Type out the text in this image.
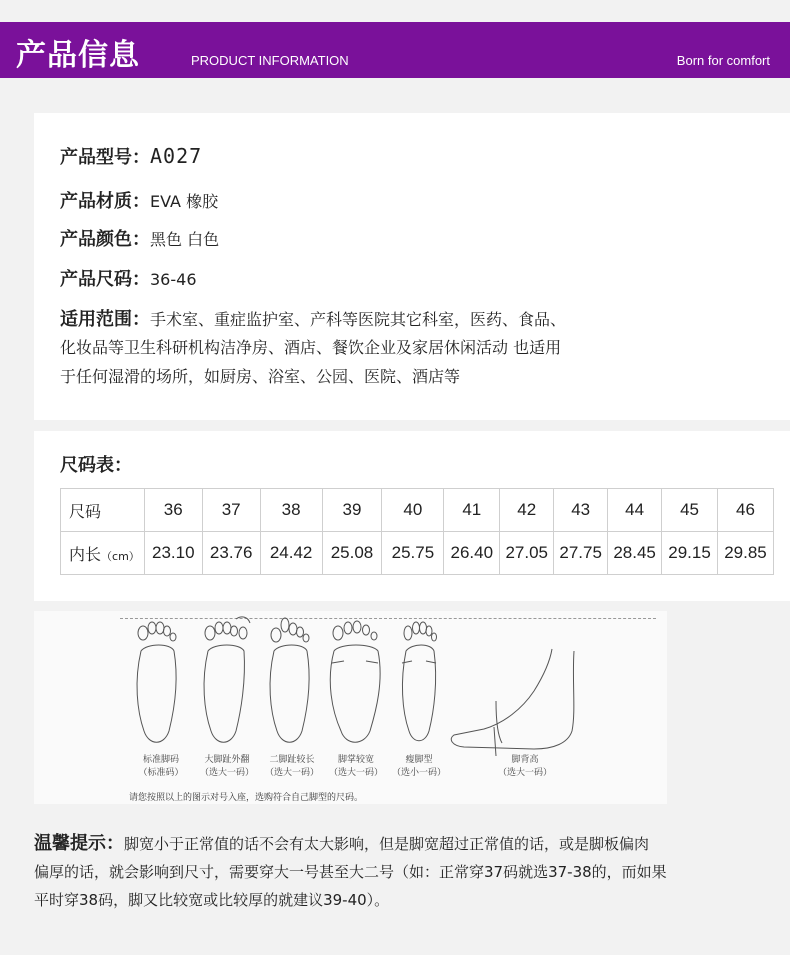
产品信息	PRODUCT INFORMATION	Born for comfort
产品型号：A027
产品材质：EVA 橡胶
产品颜色：黑色 白色
产品尺码：36-46
适用范围：手术室、重症监护室、产科等医院其它科室，医药、食品、
化妆品等卫生科研机构洁净房、酒店、餐饮企业及家居休闲活动 也适用
于任何湿滑的场所，如厨房、浴室、公园、医院、酒店等
尺码表：
尺码	36	37	38	39	40	41	42	43	44	45	46
内长（cm）	23.10	23.76	24.42	25.08	25.75	26.40	27.05	27.75	28.45	29.15	29.85
标准脚码
（标准码）
大脚趾外翻
（选大一码）
二脚趾较长
（选大一码）
脚掌较宽
（选大一码）
瘦脚型
（选小一码）
脚背高
（选大一码）
请您按照以上的图示对号入座，选购符合自己脚型的尺码。
温馨提示：脚宽小于正常值的话不会有太大影响，但是脚宽超过正常值的话，或是脚板偏肉
偏厚的话，就会影响到尺寸，需要穿大一号甚至大二号（如：正常穿37码就选37-38的，而如果
平时穿38码，脚又比较宽或比较厚的就建议39-40）。
